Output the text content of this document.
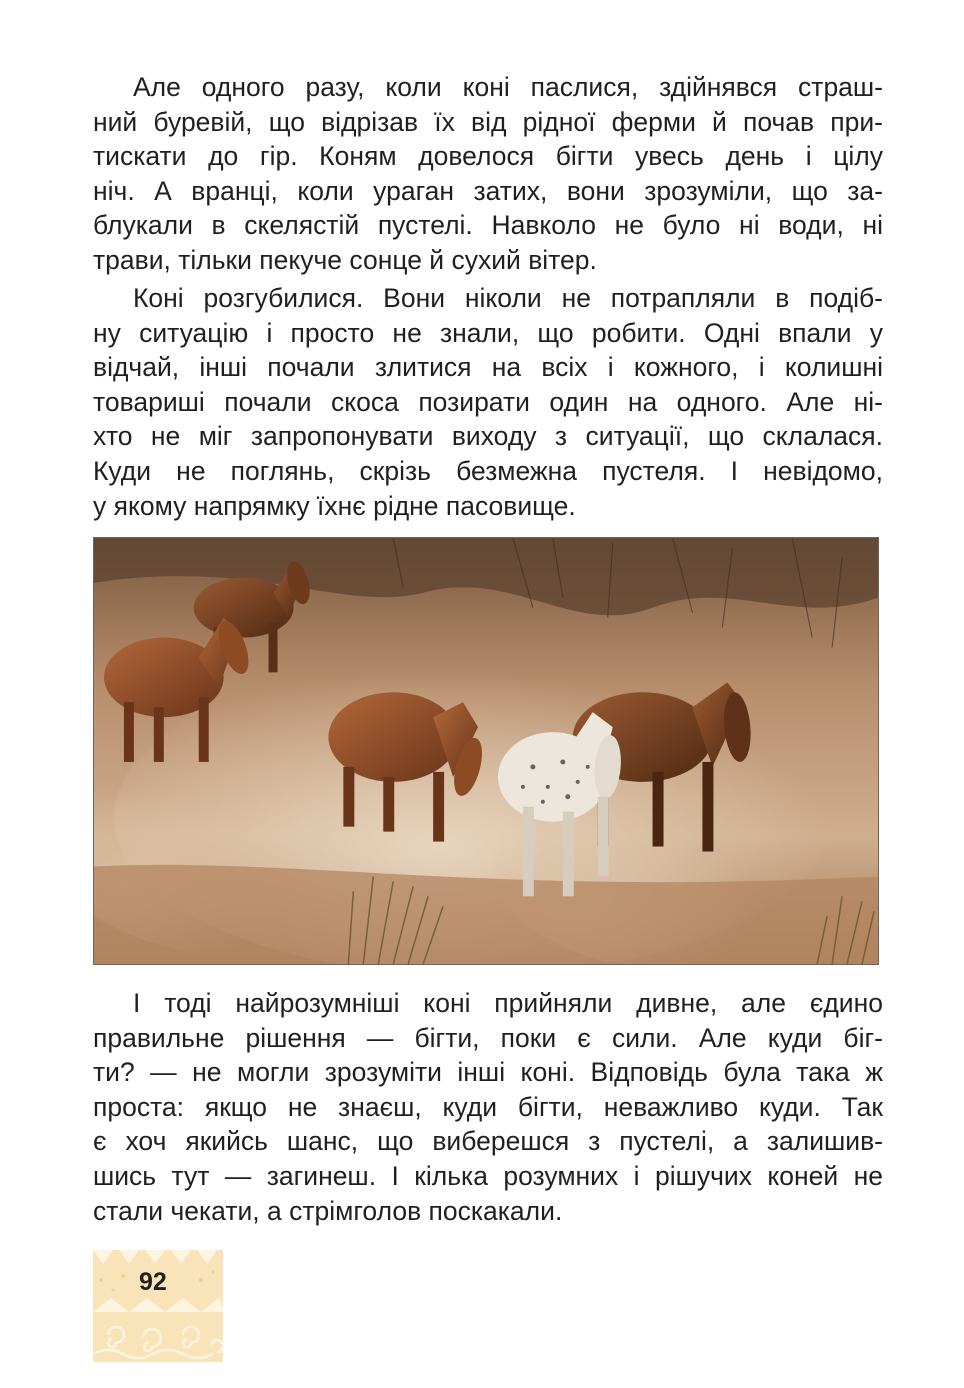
Але одного разу, коли коні паслися, здійнявся страш-
ний буревій, що відрізав їх від рідної ферми й почав при-
тискати до гір. Коням довелося бігти увесь день і цілу
ніч. А вранці, коли ураган затих, вони зрозуміли, що за-
блукали в скелястій пустелі. Навколо не було ні води, ні
трави, тільки пекуче сонце й сухий вітер.
Коні розгубилися. Вони ніколи не потрапляли в подіб-
ну ситуацію і просто не знали, що робити. Одні впали у
відчай, інші почали злитися на всіх і кожного, і колишні
товариші почали скоса позирати один на одного. Але ні-
хто не міг запропонувати виходу з ситуації, що склалася.
Куди не поглянь, скрізь безмежна пустеля. І невідомо,
у якому напрямку їхнє рідне пасовище.
І тоді найрозумніші коні прийняли дивне, але єдино
правильне рішення — бігти, поки є сили. Але куди біг-
ти? — не могли зрозуміти інші коні. Відповідь була така ж
проста: якщо не знаєш, куди бігти, неважливо куди. Так
є хоч якийсь шанс, що виберешся з пустелі, а залишив-
шись тут — загинеш. І кілька розумних і рішучих коней не
стали чекати, а стрімголов поскакали.
92
